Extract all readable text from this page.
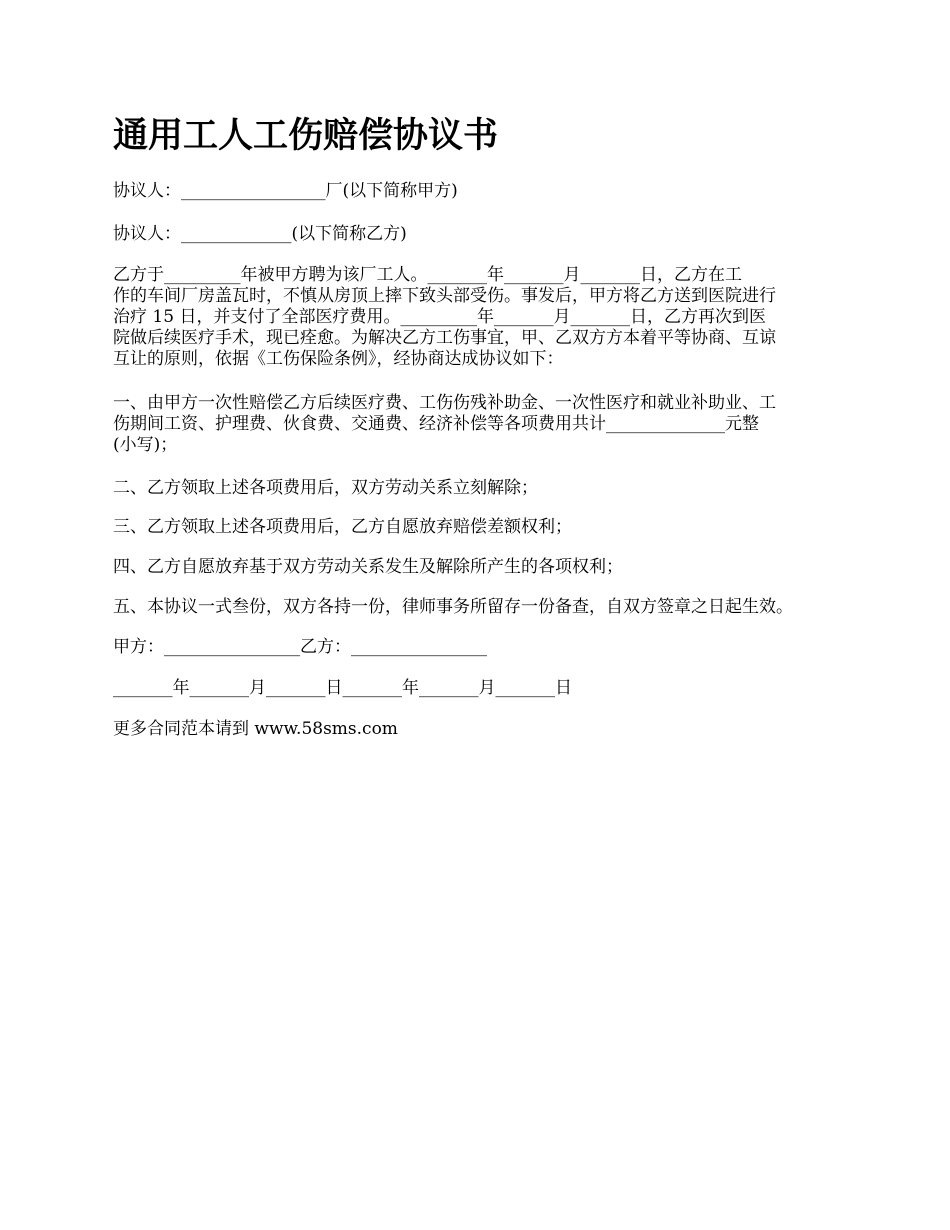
通用工人工伤赔偿协议书

协议人：_________________厂(以下简称甲方)

协议人：_____________(以下简称乙方)

乙方于_________年被甲方聘为该厂工人。_______年_______月_______日，乙方在工
作的车间厂房盖瓦时，不慎从房顶上摔下致头部受伤。事发后，甲方将乙方送到医院进行
治疗 15 日，并支付了全部医疗费用。_________年_______月_______日，乙方再次到医
院做后续医疗手术，现已痊愈。为解决乙方工伤事宜，甲、乙双方方本着平等协商、互谅
互让的原则，依据《工伤保险条例》，经协商达成协议如下：

一、由甲方一次性赔偿乙方后续医疗费、工伤伤残补助金、一次性医疗和就业补助业、工
伤期间工资、护理费、伙食费、交通费、经济补偿等各项费用共计______________元整
(小写)；

二、乙方领取上述各项费用后，双方劳动关系立刻解除；

三、乙方领取上述各项费用后，乙方自愿放弃赔偿差额权利；

四、乙方自愿放弃基于双方劳动关系发生及解除所产生的各项权利；

五、本协议一式叁份，双方各持一份，律师事务所留存一份备查，自双方签章之日起生效。

甲方：________________乙方：________________

_______年_______月_______日_______年_______月_______日

更多合同范本请到 www.58sms.com
